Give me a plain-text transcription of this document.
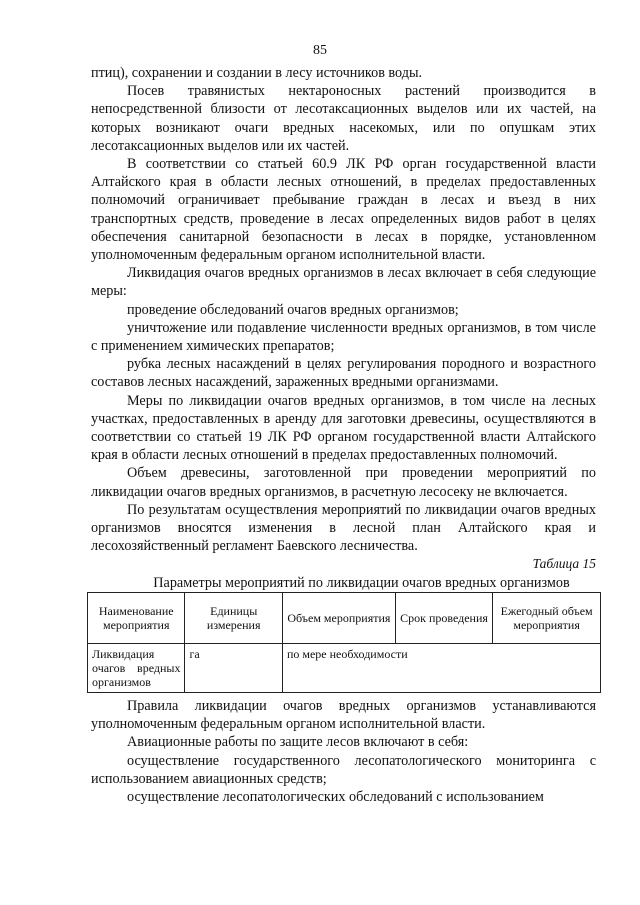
85

птиц), сохранении и создании в лесу источников воды.

Посев травянистых нектароносных растений производится в непосредственной близости от лесотаксационных выделов или их частей, на которых возникают очаги вредных насекомых, или по опушкам этих лесотаксационных выделов или их частей.

В соответствии со статьей 60.9 ЛК РФ орган государственной власти Алтайского края в области лесных отношений, в пределах предоставленных полномочий ограничивает пребывание граждан в лесах и въезд в них транспортных средств, проведение в лесах определенных видов работ в целях обеспечения санитарной безопасности в лесах в порядке, установленном уполномоченным федеральным органом исполнительной власти.

Ликвидация очагов вредных организмов в лесах включает в себя следующие меры:

проведение обследований очагов вредных организмов;

уничтожение или подавление численности вредных организмов, в том числе с применением химических препаратов;

рубка лесных насаждений в целях регулирования породного и возрастного составов лесных насаждений, зараженных вредными организмами.

Меры по ликвидации очагов вредных организмов, в том числе на лесных участках, предоставленных в аренду для заготовки древесины, осуществляются в соответствии со статьей 19 ЛК РФ органом государственной власти Алтайского края в области лесных отношений в пределах предоставленных полномочий.

Объем древесины, заготовленной при проведении мероприятий по ликвидации очагов вредных организмов, в расчетную лесосеку не включается.

По результатам осуществления мероприятий по ликвидации очагов вредных организмов вносятся изменения в лесной план Алтайского края и лесохозяйственный регламент Баевского лесничества.

Таблица 15

Параметры мероприятий по ликвидации очагов вредных организмов

Наименование мероприятия	Единицы измерения	Объем мероприятия	Срок проведения	Ежегодный объем мероприятия
Ликвидация очагов вредных организмов	га	по мере необходимости		

Правила ликвидации очагов вредных организмов устанавливаются уполномоченным федеральным органом исполнительной власти.

Авиационные работы по защите лесов включают в себя:

осуществление государственного лесопатологического мониторинга с использованием авиационных средств;

осуществление лесопатологических обследований с использованием
